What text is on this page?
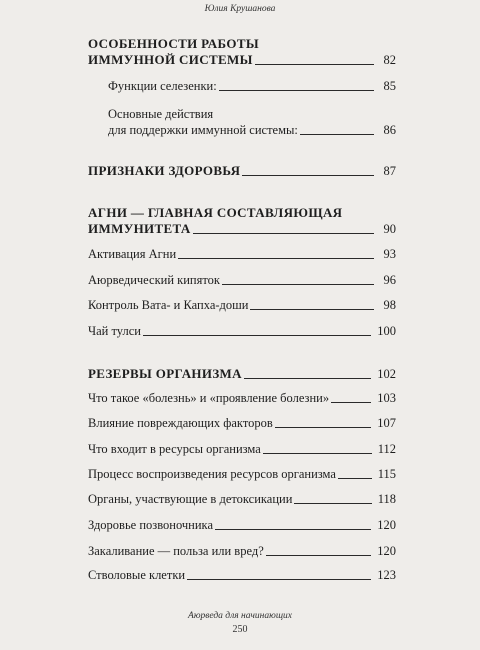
Юлия Крушанова
ОСОБЕННОСТИ РАБОТЫ
ИММУННОЙ СИСТЕМЫ	82
Функции селезенки:	85
Основные действия
для поддержки иммунной системы:	86
ПРИЗНАКИ ЗДОРОВЬЯ	87
АГНИ — ГЛАВНАЯ СОСТАВЛЯЮЩАЯ
ИММУНИТЕТА	90
Активация Агни	93
Аюрведический кипяток	96
Контроль Вата- и Капха-доши	98
Чай тулси	100
РЕЗЕРВЫ ОРГАНИЗМА	102
Что такое «болезнь» и «проявление болезни»	103
Влияние повреждающих факторов	107
Что входит в ресурсы организма	112
Процесс воспроизведения ресурсов организма	115
Органы, участвующие в детоксикации	118
Здоровье позвоночника	120
Закаливание — польза или вред?	120
Стволовые клетки	123
Аюрведа для начинающих
250
